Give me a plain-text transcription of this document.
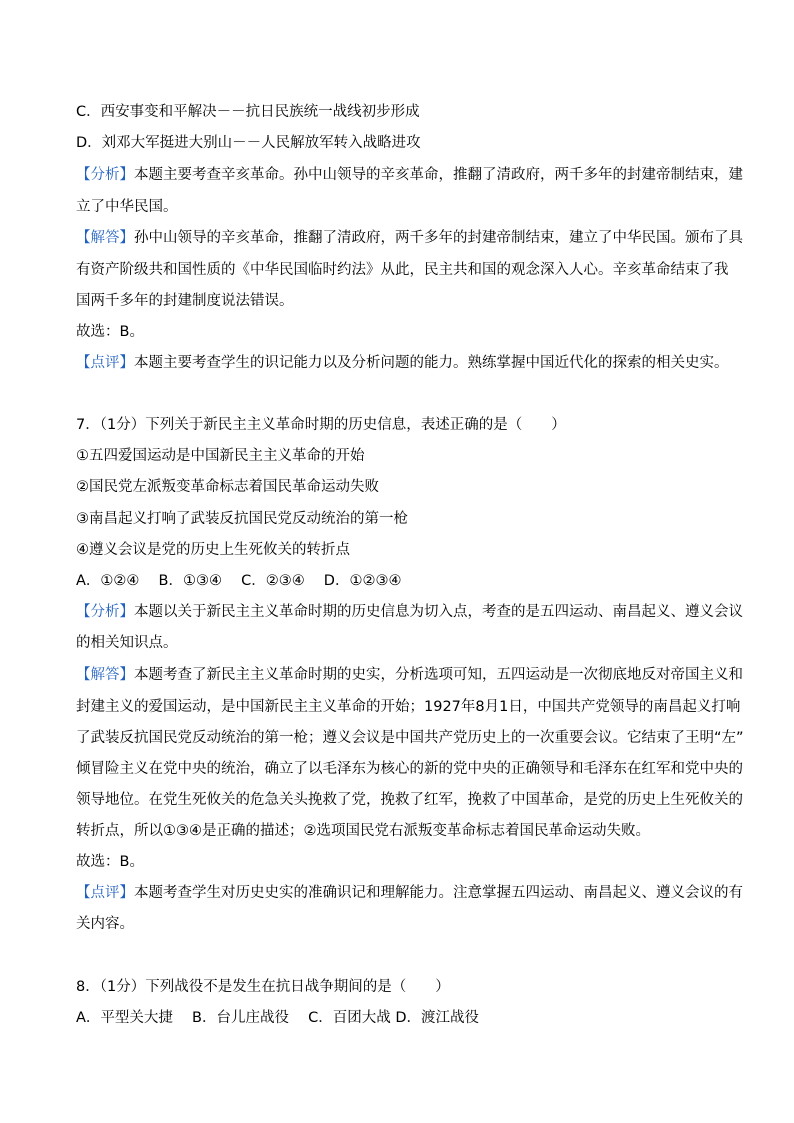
C．西安事变和平解决－－抗日民族统一战线初步形成
D．刘邓大军挺进大别山－－人民解放军转入战略进攻
【分析】本题主要考查辛亥革命。孙中山领导的辛亥革命，推翻了清政府，两千多年的封建帝制结束，建
立了中华民国。
【解答】孙中山领导的辛亥革命，推翻了清政府，两千多年的封建帝制结束，建立了中华民国。颁布了具
有资产阶级共和国性质的《中华民国临时约法》从此，民主共和国的观念深入人心。辛亥革命结束了我
国两千多年的封建制度说法错误。
故选：B。
【点评】本题主要考查学生的识记能力以及分析问题的能力。熟练掌握中国近代化的探索的相关史实。
7．（1分）下列关于新民主主义革命时期的历史信息，表述正确的是（　　）
①五四爱国运动是中国新民主主义革命的开始
②国民党左派叛变革命标志着国民革命运动失败
③南昌起义打响了武装反抗国民党反动统治的第一枪
④遵义会议是党的历史上生死攸关的转折点
A．①②④　 B．①③④　 C．②③④　 D．①②③④
【分析】本题以关于新民主主义革命时期的历史信息为切入点，考查的是五四运动、南昌起义、遵义会议
的相关知识点。
【解答】本题考查了新民主主义革命时期的史实，分析选项可知，五四运动是一次彻底地反对帝国主义和
封建主义的爱国运动，是中国新民主主义革命的开始；1927年8月1日，中国共产党领导的南昌起义打响
了武装反抗国民党反动统治的第一枪；遵义会议是中国共产党历史上的一次重要会议。它结束了王明“左”
倾冒险主义在党中央的统治，确立了以毛泽东为核心的新的党中央的正确领导和毛泽东在红军和党中央的
领导地位。在党生死攸关的危急关头挽救了党，挽救了红军，挽救了中国革命，是党的历史上生死攸关的
转折点，所以①③④是正确的描述；②选项国民党右派叛变革命标志着国民革命运动失败。
故选：B。
【点评】本题考查学生对历史史实的准确识记和理解能力。注意掌握五四运动、南昌起义、遵义会议的有
关内容。
8．（1分）下列战役不是发生在抗日战争期间的是（　　）
A．平型关大捷　 B．台儿庄战役　 C．百团大战 D．渡江战役
